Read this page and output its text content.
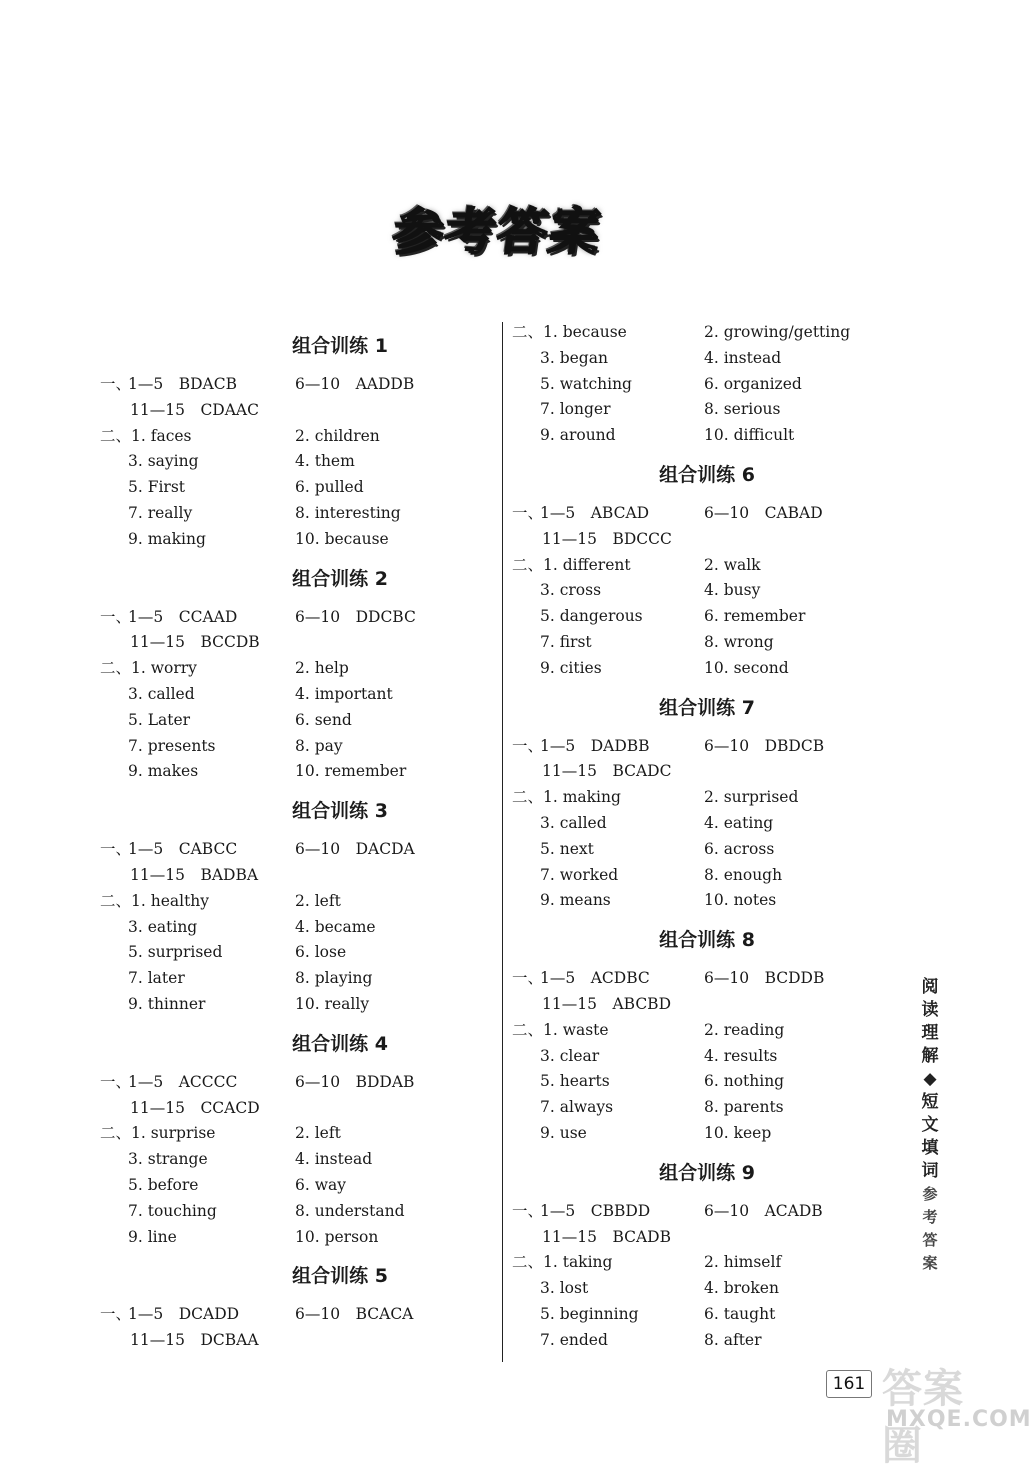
参考答案
组合训练 1
一、
1—5　BDACB	6—10　AADDB
11—15　CDAAC
二、1. faces	2. children
3. saying	4. them
5. First	6. pulled
7. really	8. interesting
9. making	10. because
组合训练 2
一、
1—5　CCAAD	6—10　DDCBC
11—15　BCCDB
二、1. worry	2. help
3. called	4. important
5. Later	6. send
7. presents	8. pay
9. makes	10. remember
组合训练 3
一、
1—5　CABCC	6—10　DACDA
11—15　BADBA
二、1. healthy	2. left
3. eating	4. became
5. surprised	6. lose
7. later	8. playing
9. thinner	10. really
组合训练 4
一、
1—5　ACCCC	6—10　BDDAB
11—15　CCACD
二、1. surprise	2. left
3. strange	4. instead
5. before	6. way
7. touching	8. understand
9. line	10. person
组合训练 5
一、
1—5　DCADD	6—10　BCACA
11—15　DCBAA
二、1. because	2. growing/getting
3. began	4. instead
5. watching	6. organized
7. longer	8. serious
9. around	10. difficult
组合训练 6
一、
1—5　ABCAD	6—10　CABAD
11—15　BDCCC
二、1. different	2. walk
3. cross	4. busy
5. dangerous	6. remember
7. first	8. wrong
9. cities	10. second
组合训练 7
一、
1—5　DADBB	6—10　DBDCB
11—15　BCADC
二、1. making	2. surprised
3. called	4. eating
5. next	6. across
7. worked	8. enough
9. means	10. notes
组合训练 8
一、
1—5　ACDBC	6—10　BCDDB
11—15　ABCBD
二、1. waste	2. reading
3. clear	4. results
5. hearts	6. nothing
7. always	8. parents
9. use	10. keep
组合训练 9
一、
1—5　CBBDD	6—10　ACADB
11—15　BCADB
二、1. taking	2. himself
3. lost	4. broken
5. beginning	6. taught
7. ended	8. after
阅
读
理
解
◆
短
文
填
词
参
考
答
案
答案圈
MXQE.COM
161
